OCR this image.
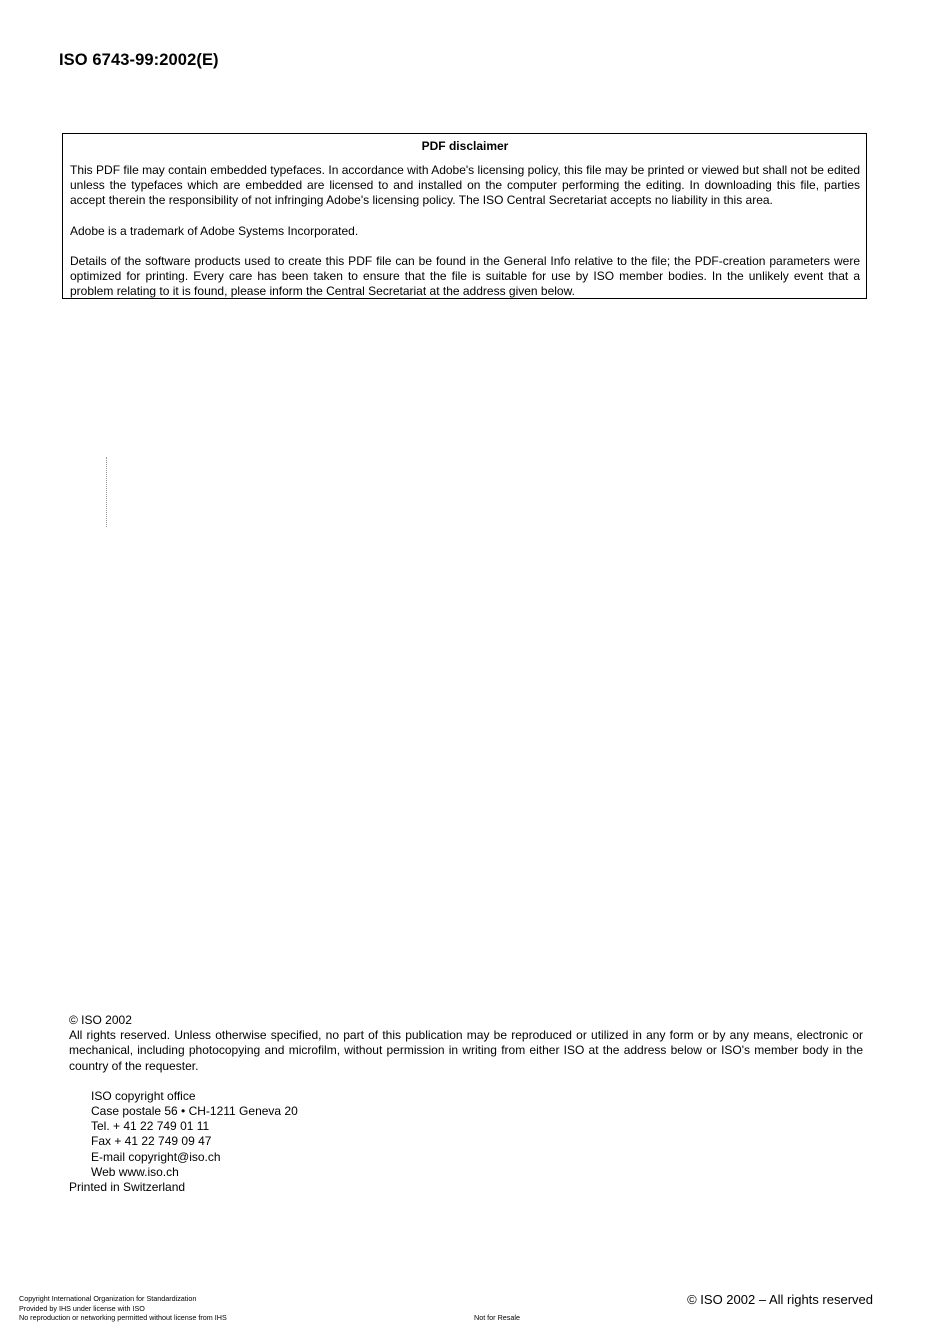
ISO 6743-99:2002(E)

PDF disclaimer

This PDF file may contain embedded typefaces. In accordance with Adobe's licensing policy, this file may be printed or viewed but shall not be edited unless the typefaces which are embedded are licensed to and installed on the computer performing the editing. In downloading this file, parties accept therein the responsibility of not infringing Adobe's licensing policy. The ISO Central Secretariat accepts no liability in this area.

Adobe is a trademark of Adobe Systems Incorporated.

Details of the software products used to create this PDF file can be found in the General Info relative to the file; the PDF-creation parameters were optimized for printing. Every care has been taken to ensure that the file is suitable for use by ISO member bodies. In the unlikely event that a problem relating to it is found, please inform the Central Secretariat at the address given below.

© ISO 2002

All rights reserved. Unless otherwise specified, no part of this publication may be reproduced or utilized in any form or by any means, electronic or mechanical, including photocopying and microfilm, without permission in writing from either ISO at the address below or ISO's member body in the country of the requester.

ISO copyright office

Case postale 56 • CH-1211 Geneva 20

Tel. + 41 22 749 01 11

Fax + 41 22 749 09 47

E-mail copyright@iso.ch

Web www.iso.ch

Printed in Switzerland

Copyright International Organization for Standardization
Provided by IHS under license with ISO
No reproduction or networking permitted without license from IHS	Not for Resale
© ISO 2002 – All rights reserved
